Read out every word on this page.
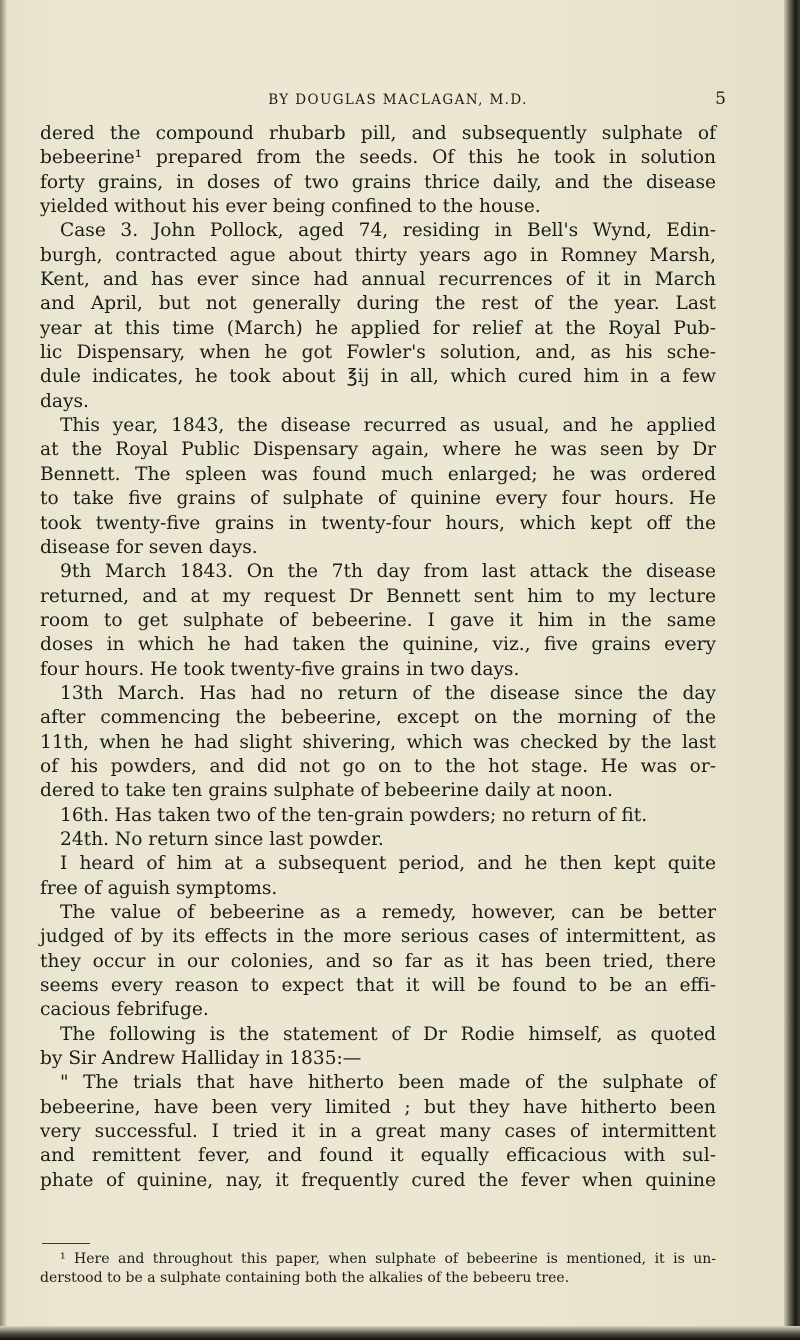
BY DOUGLAS MACLAGAN, M.D.	5
dered the compound rhubarb pill, and subsequently sulphate of
bebeerine¹ prepared from the seeds. Of this he took in solution
forty grains, in doses of two grains thrice daily, and the disease
yielded without his ever being confined to the house.
Case 3. John Pollock, aged 74, residing in Bell's Wynd, Edin-
burgh, contracted ague about thirty years ago in Romney Marsh,
Kent, and has ever since had annual recurrences of it in March
and April, but not generally during the rest of the year. Last
year at this time (March) he applied for relief at the Royal Pub-
lic Dispensary, when he got Fowler's solution, and, as his sche-
dule indicates, he took about ℥ij in all, which cured him in a few
days.
This year, 1843, the disease recurred as usual, and he applied
at the Royal Public Dispensary again, where he was seen by Dr
Bennett. The spleen was found much enlarged; he was ordered
to take five grains of sulphate of quinine every four hours. He
took twenty-five grains in twenty-four hours, which kept off the
disease for seven days.
9th March 1843. On the 7th day from last attack the disease
returned, and at my request Dr Bennett sent him to my lecture
room to get sulphate of bebeerine. I gave it him in the same
doses in which he had taken the quinine, viz., five grains every
four hours. He took twenty-five grains in two days.
13th March. Has had no return of the disease since the day
after commencing the bebeerine, except on the morning of the
11th, when he had slight shivering, which was checked by the last
of his powders, and did not go on to the hot stage. He was or-
dered to take ten grains sulphate of bebeerine daily at noon.
16th. Has taken two of the ten-grain powders; no return of fit.
24th. No return since last powder.
I heard of him at a subsequent period, and he then kept quite
free of aguish symptoms.
The value of bebeerine as a remedy, however, can be better
judged of by its effects in the more serious cases of intermittent, as
they occur in our colonies, and so far as it has been tried, there
seems every reason to expect that it will be found to be an effi-
cacious febrifuge.
The following is the statement of Dr Rodie himself, as quoted
by Sir Andrew Halliday in 1835:—
" The trials that have hitherto been made of the sulphate of
bebeerine, have been very limited ; but they have hitherto been
very successful. I tried it in a great many cases of intermittent
and remittent fever, and found it equally efficacious with sul-
phate of quinine, nay, it frequently cured the fever when quinine
¹ Here and throughout this paper, when sulphate of bebeerine is mentioned, it is un-
derstood to be a sulphate containing both the alkalies of the bebeeru tree.
